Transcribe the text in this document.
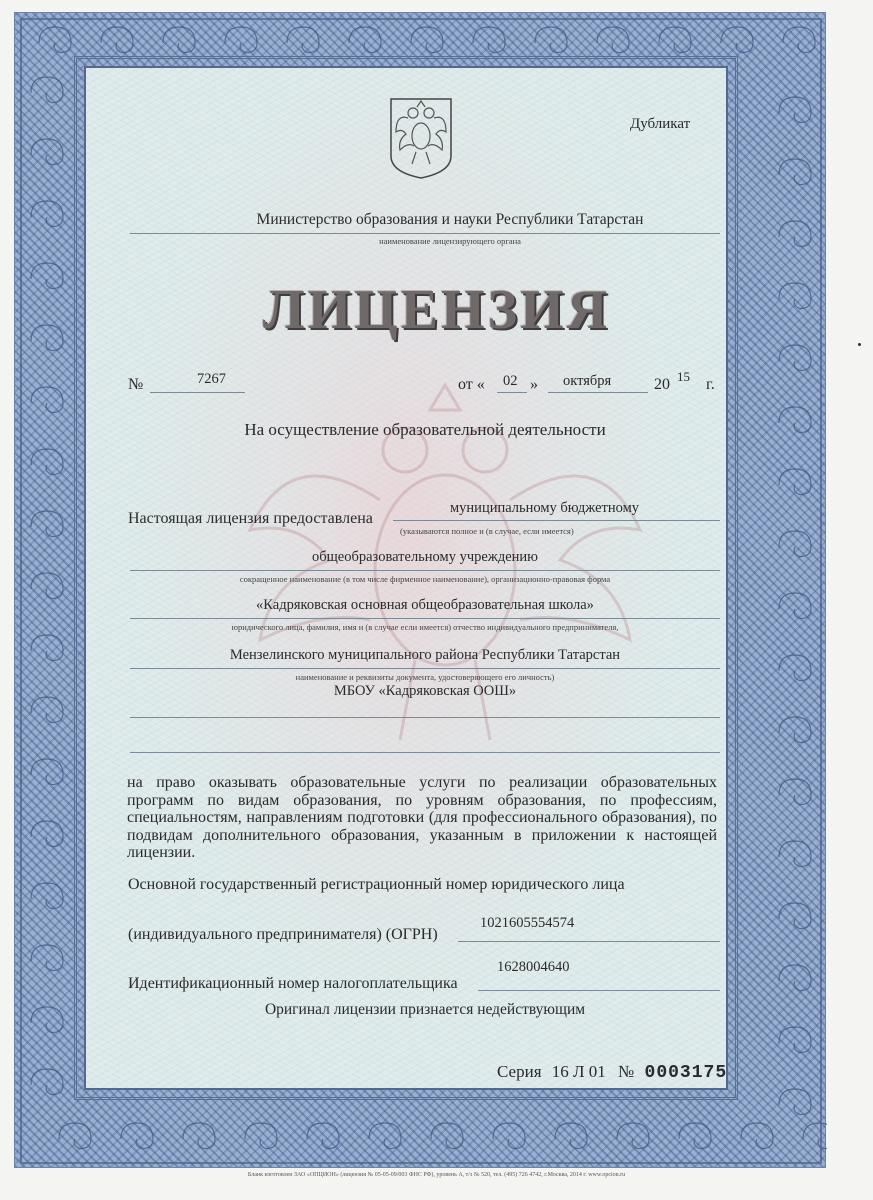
Дубликат
Министерство образования и науки Республики Татарстан
наименование лицензирующего органа
ЛИЦЕНЗИЯ
№	7267	от « 02 » октября	20 15 г.
На осуществление образовательной деятельности
Настоящая лицензия предоставлена
муниципальному бюджетному
(указываются полное и (в случае, если имеется)
общеобразовательному учреждению
сокращенное наименование (в том числе фирменное наименование), организационно-правовая форма
«Кадряковская основная общеобразовательная школа»
юридического лица, фамилия, имя и (в случае если имеется) отчество индивидуального предпринимателя,
Мензелинского муниципального района Республики Татарстан
наименование и реквизиты документа, удостоверяющего его личность)
МБОУ «Кадряковская ООШ»
на право оказывать образовательные услуги по реализации образовательных программ по видам образования, по уровням образования, по профессиям, специальностям, направлениям подготовки (для профессионального образования), по подвидам дополнительного образования, указанным в приложении к настоящей лицензии.
Основной государственный регистрационный номер юридического лица
(индивидуального предпринимателя) (ОГРН)
1021605554574
Идентификационный номер налогоплательщика
1628004640
Оригинал лицензии признается недействующим
Серия 16 Л 01 № 0003175
Бланк изготовлен ЗАО «ОПЦИОН» (лицензия № 05-05-09/003 ФНС РФ), уровень А, т/з № 520, тел. (495) 726 4742, г.Москва, 2014 г. www.opcion.ru
